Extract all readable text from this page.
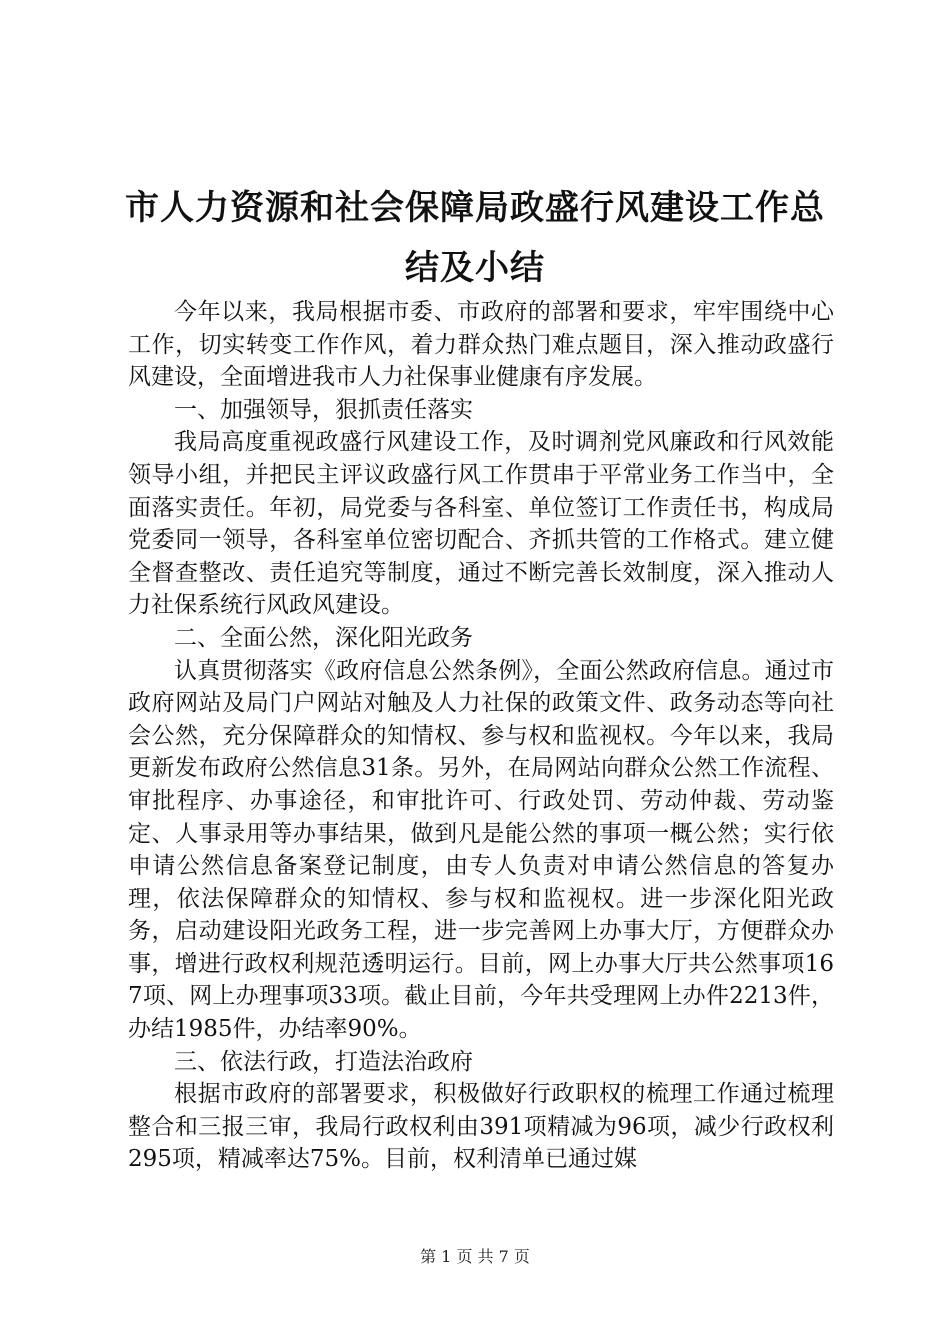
市人力资源和社会保障局政盛行风建设工作总结及小结

今年以来，我局根据市委、市政府的部署和要求，牢牢围绕中心工作，切实转变工作作风，着力群众热门难点题目，深入推动政盛行风建设，全面增进我市人力社保事业健康有序发展。

一、加强领导，狠抓责任落实

我局高度重视政盛行风建设工作，及时调剂党风廉政和行风效能领导小组，并把民主评议政盛行风工作贯串于平常业务工作当中，全面落实责任。年初，局党委与各科室、单位签订工作责任书，构成局党委同一领导，各科室单位密切配合、齐抓共管的工作格式。建立健全督查整改、责任追究等制度，通过不断完善长效制度，深入推动人力社保系统行风政风建设。

二、全面公然，深化阳光政务

认真贯彻落实《政府信息公然条例》，全面公然政府信息。通过市政府网站及局门户网站对触及人力社保的政策文件、政务动态等向社会公然，充分保障群众的知情权、参与权和监视权。今年以来，我局更新发布政府公然信息31条。另外，在局网站向群众公然工作流程、审批程序、办事途径，和审批许可、行政处罚、劳动仲裁、劳动鉴定、人事录用等办事结果，做到凡是能公然的事项一概公然；实行依申请公然信息备案登记制度，由专人负责对申请公然信息的答复办理，依法保障群众的知情权、参与权和监视权。进一步深化阳光政务，启动建设阳光政务工程，进一步完善网上办事大厅，方便群众办事，增进行政权利规范透明运行。目前，网上办事大厅共公然事项167项、网上办理事项33项。截止目前，今年共受理网上办件2213件，办结1985件，办结率90%。

三、依法行政，打造法治政府

根据市政府的部署要求，积极做好行政职权的梳理工作通过梳理整合和三报三审，我局行政权利由391项精减为96项，减少行政权利295项，精减率达75%。目前，权利清单已通过媒

第 1 页 共 7 页
